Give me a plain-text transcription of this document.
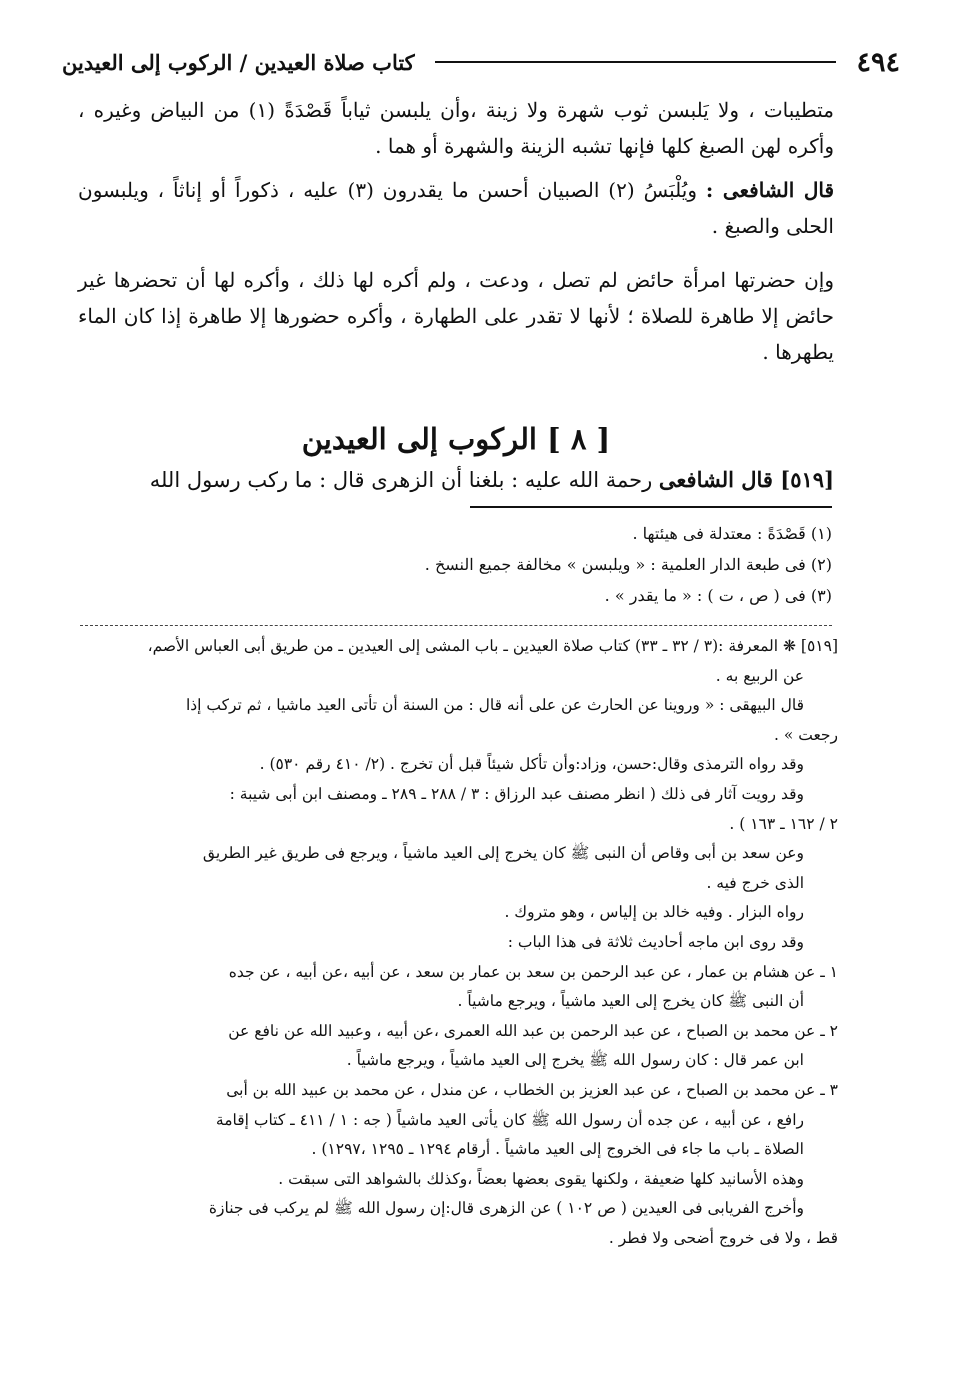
٤٩٤
كتاب صلاة العيدين / الركوب إلى العيدين

متطيبات ، ولا يَلبسن ثوب شهرة ولا زينة ،وأن يلبسن ثياباً قَصْدَةً (١) من البياض وغيره ، وأكره لهن الصبغ كلها فإنها تشبه الزينة والشهرة أو هما .

قال الشافعى : ويُلْبَسُ (٢) الصبيان أحسن ما يقدرون (٣) عليه ، ذكوراً أو إناثاً ، ويلبسون الحلى والصبغ .

وإن حضرتها امرأة حائض لم تصل ، ودعت ، ولم أكره لها ذلك ، وأكره لها أن تحضرها غير حائض إلا طاهرة للصلاة ؛ لأنها لا تقدر على الطهارة ، وأكره حضورها إلا طاهرة إذا كان الماء يطهرها .

[ ٨ ] الركوب إلى العيدين
[٥١٩] قال الشافعى رحمة الله عليه : بلغنا أن الزهرى قال : ما ركب رسول الله
(١) قَصْدَةً : معتدلة فى هيئتها .
(٢) فى طبعة الدار العلمية : « ويلبسن » مخالفة جميع النسخ .
(٣) فى ( ص ، ت ) : « ما يقدر » .
[٥١٩] ❋ المعرفة :(٣ / ٣٢ ـ ٣٣) كتاب صلاة العيدين ـ باب المشى إلى العيدين ـ من طريق أبى العباس الأصم،
عن الربيع به .
قال البيهقى : « وروينا عن الحارث عن على أنه قال : من السنة أن تأتى العيد ماشيا ، ثم تركب إذا
رجعت » .
وقد رواه الترمذى وقال:حسن، وزاد:وأن تأكل شيئاً قبل أن تخرج . (٢/ ٤١٠ رقم ٥٣٠) .
وقد رويت آثار فى ذلك ( انظر مصنف عبد الرزاق : ٣ / ٢٨٨ ـ ٢٨٩ ـ ومصنف ابن أبى شيبة :
٢ / ١٦٢ ـ ١٦٣ ) .
وعن سعد بن أبى وقاص أن النبى ﷺ كان يخرج إلى العيد ماشياً ، ويرجع فى طريق غير الطريق
الذى خرج فيه .
رواه البزار . وفيه خالد بن إلياس ، وهو متروك .
وقد روى ابن ماجه أحاديث ثلاثة فى هذا الباب :
١ ـ عن هشام بن عمار ، عن عبد الرحمن بن سعد بن عمار بن سعد ، عن أبيه ،عن أبيه ، عن جده
أن النبى ﷺ كان يخرج إلى العيد ماشياً ، ويرجع ماشياً .
٢ ـ عن محمد بن الصباح ، عن عبد الرحمن بن عبد الله العمرى ،عن أبيه ، وعبيد الله عن نافع عن
ابن عمر قال : كان رسول الله ﷺ يخرج إلى العيد ماشياً ، ويرجع ماشياً .
٣ ـ عن محمد بن الصباح ، عن عبد العزيز بن الخطاب ، عن مندل ، عن محمد بن عبيد الله بن أبى
رافع ، عن أبيه ، عن جده أن رسول الله ﷺ كان يأتى العيد ماشياً ( جه : ١ / ٤١١ ـ كتاب إقامة
الصلاة ـ باب ما جاء فى الخروج إلى العيد ماشياً . أرقام ١٢٩٤ ـ ١٢٩٥ ،١٢٩٧) .
وهذه الأسانيد كلها ضعيفة ، ولكنها يقوى بعضها بعضاً ،وكذلك بالشواهد التى سبقت .
وأخرج الفريابى فى العيدين ( ص ١٠٢ ) عن الزهرى قال:إن رسول الله ﷺ لم يركب فى جنازة
قط ، ولا فى خروج أضحى ولا فطر .
